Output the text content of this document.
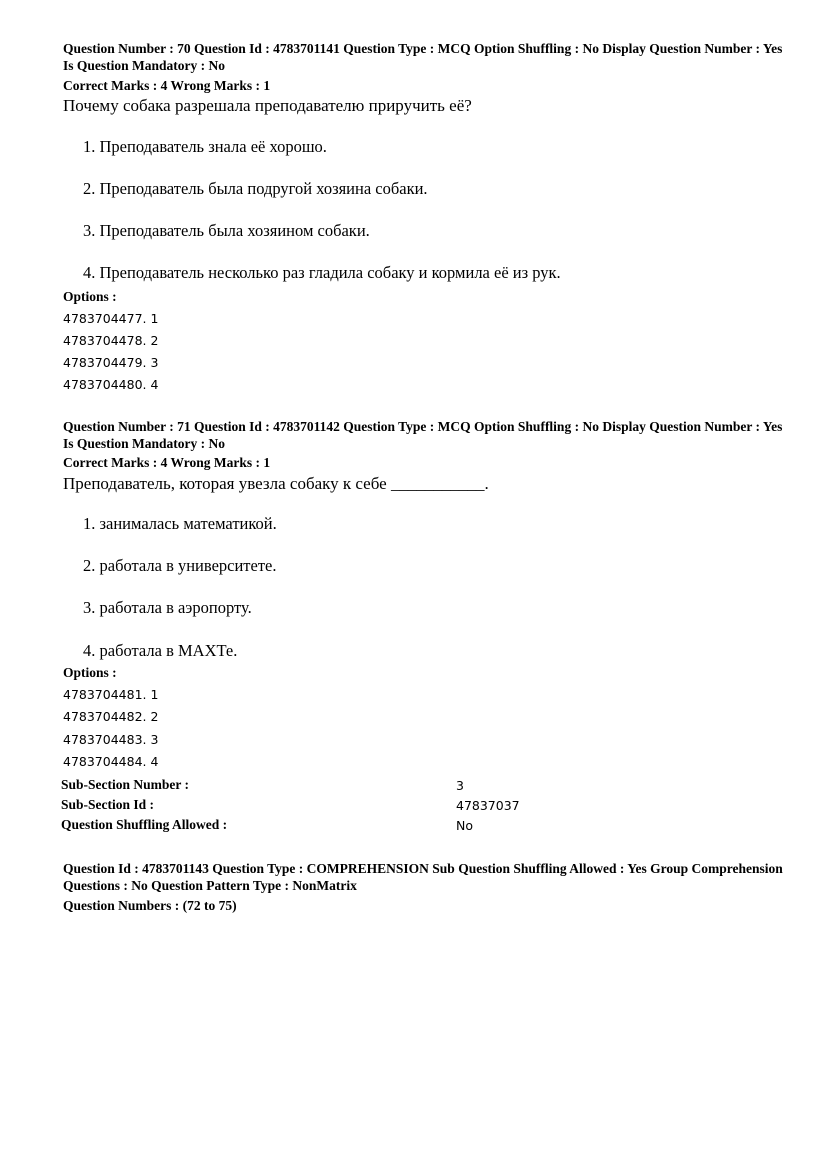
Question Number : 70 Question Id : 4783701141 Question Type : MCQ Option Shuffling : No Display Question Number : Yes Is Question Mandatory : No
Correct Marks : 4 Wrong Marks : 1
Почему собака разрешала преподавателю приручить её?
1. Преподаватель знала её хорошо.
2. Преподаватель была подругой хозяина собаки.
3. Преподаватель была хозяином собаки.
4. Преподаватель несколько раз гладила собаку и кормила её из рук.
Options :
4783704477. 1
4783704478. 2
4783704479. 3
4783704480. 4
Question Number : 71 Question Id : 4783701142 Question Type : MCQ Option Shuffling : No Display Question Number : Yes Is Question Mandatory : No
Correct Marks : 4 Wrong Marks : 1
Преподаватель, которая увезла собаку к себе ___________.
1. занималась математикой.
2. работала в университете.
3. работала в аэропорту.
4. работала в МАХТе.
Options :
4783704481. 1
4783704482. 2
4783704483. 3
4783704484. 4
Sub-Section Number :	3
Sub-Section Id :	47837037
Question Shuffling Allowed :	No
Question Id : 4783701143 Question Type : COMPREHENSION Sub Question Shuffling Allowed : Yes Group Comprehension Questions : No Question Pattern Type : NonMatrix
Question Numbers : (72 to 75)
